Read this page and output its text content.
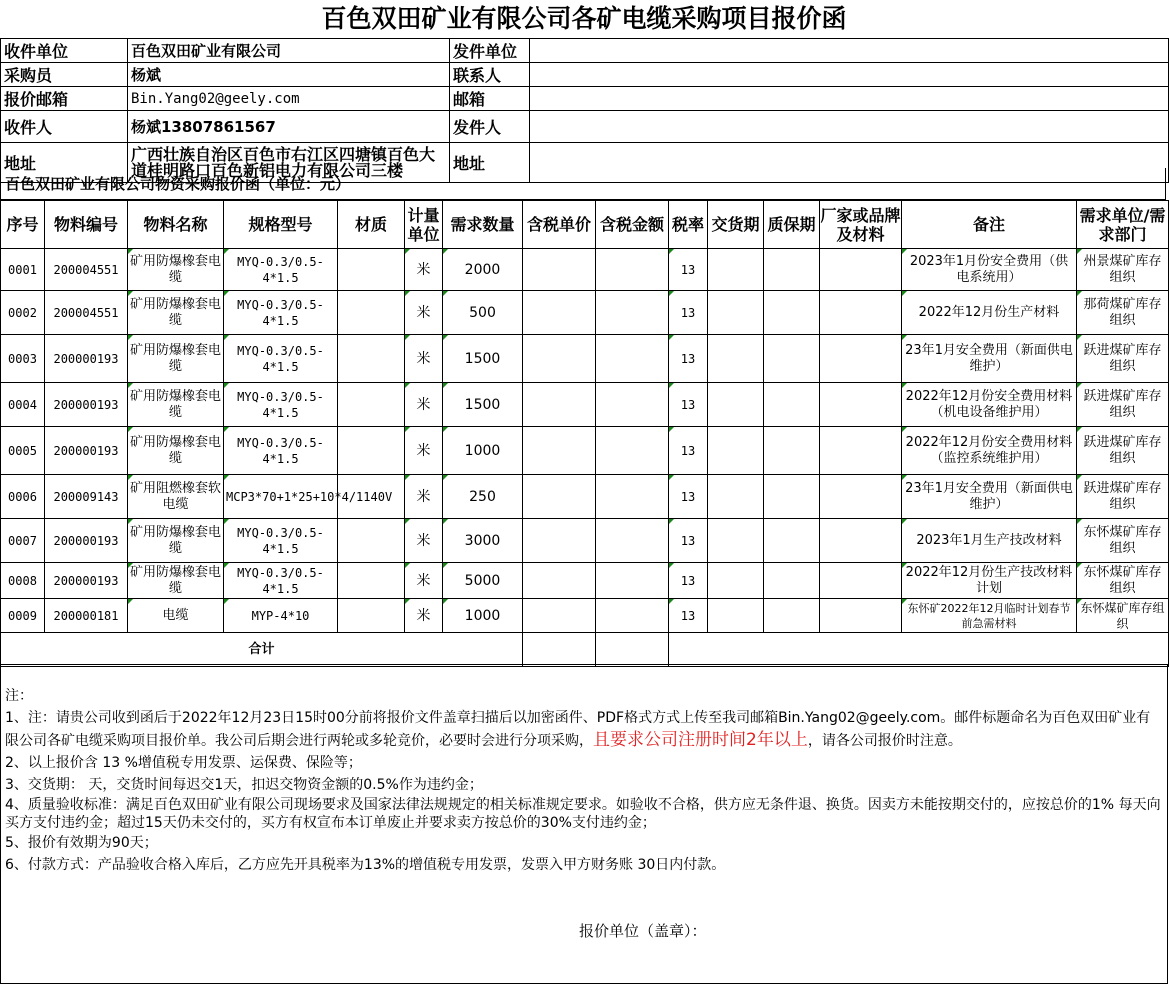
百色双田矿业有限公司各矿电缆采购项目报价函
收件单位	百色双田矿业有限公司	发件单位	
采购员	杨斌	联系人	
报价邮箱	Bin.Yang02@geely.com	邮箱	
收件人	杨斌13807861567	发件人	
地址	广西壮族自治区百色市右江区四塘镇百色大道桂明路口百色新铝电力有限公司三楼	地址	
百色双田矿业有限公司物资采购报价函（单位：元）
序号	物料编号	物料名称	规格型号	材质	计量单位	需求数量	含税单价	含税金额	税率	交货期	质保期	厂家或品牌及材料	备注	需求单位/需求部门
0001	200004551	矿用防爆橡套电缆	MYQ-0.3/0.5-4*1.5		米	2000			13				2023年1月份安全费用（供电系统用）	州景煤矿库存组织
0002	200004551	矿用防爆橡套电缆	MYQ-0.3/0.5-4*1.5		米	500			13				2022年12月份生产材料	那荷煤矿库存组织
0003	200000193	矿用防爆橡套电缆	MYQ-0.3/0.5-4*1.5		米	1500			13				23年1月安全费用（新面供电维护）	跃进煤矿库存组织
0004	200000193	矿用防爆橡套电缆	MYQ-0.3/0.5-4*1.5		米	1500			13				2022年12月份安全费用材料（机电设备维护用）	跃进煤矿库存组织
0005	200000193	矿用防爆橡套电缆	MYQ-0.3/0.5-4*1.5		米	1000			13				2022年12月份安全费用材料（监控系统维护用）	跃进煤矿库存组织
0006	200009143	矿用阻燃橡套软电缆	MCP3*70+1*25+10*4/1140V		米	250			13				23年1月安全费用（新面供电维护）	跃进煤矿库存组织
0007	200000193	矿用防爆橡套电缆	MYQ-0.3/0.5-4*1.5		米	3000			13				2023年1月生产技改材料	东怀煤矿库存组织
0008	200000193	矿用防爆橡套电缆	MYQ-0.3/0.5-4*1.5		米	5000			13				2022年12月份生产技改材料计划	东怀煤矿库存组织
0009	200000181	电缆	MYP-4*10		米	1000			13				东怀矿2022年12月临时计划春节前急需材料	东怀煤矿库存组织
合计														

注：

1、注：请贵公司收到函后于2022年12月23日15时00分前将报价文件盖章扫描后以加密函件、PDF格式方式上传至我司邮箱Bin.Yang02@geely.com。邮件标题命名为百色双田矿业有限公司各矿电缆采购项目报价单。我公司后期会进行两轮或多轮竞价，必要时会进行分项采购，且要求公司注册时间2年以上，请各公司报价时注意。

2、以上报价含 13 %增值税专用发票、运保费、保险等；

3、交货期： 天，交货时间每迟交1天，扣迟交物资金额的0.5%作为违约金；

4、质量验收标准：满足百色双田矿业有限公司现场要求及国家法律法规规定的相关标准规定要求。如验收不合格，供方应无条件退、换货。因卖方未能按期交付的，应按总价的1% 每天向买方支付违约金；超过15天仍未交付的，买方有权宣布本订单废止并要求卖方按总价的30%支付违约金；

5、报价有效期为90天；

6、付款方式：产品验收合格入库后，乙方应先开具税率为13%的增值税专用发票，发票入甲方财务账 30日内付款。

报价单位（盖章）：
